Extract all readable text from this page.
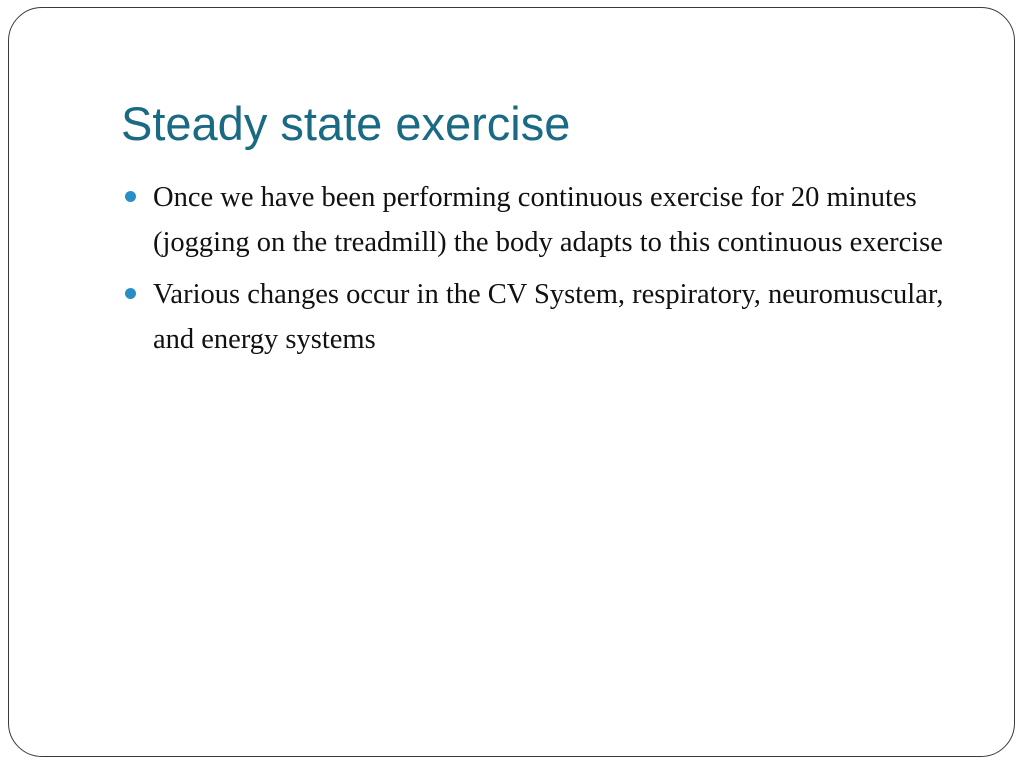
Steady state exercise
Once we have been performing continuous exercise for 20 minutes (jogging on the treadmill) the body adapts to this continuous exercise
Various changes occur in the CV System, respiratory, neuromuscular, and energy systems
